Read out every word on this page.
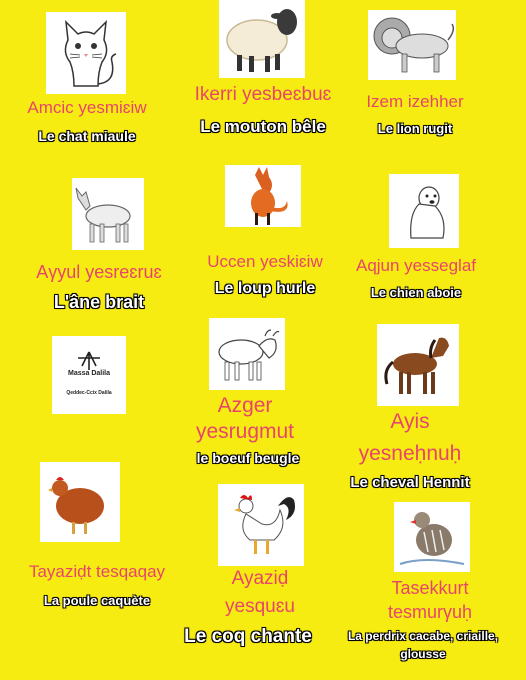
Amcic yesmiɛiw
Le chat miaule
Ikerri yesbeɛbuɛ
Le mouton bêle
Izem izehher
Le lion rugit
Aγyul yesreɛruɛ
L'âne brait
Uccen yeskiɛiw
Le loup hurle
Aqjun yesseglaf
Le chien aboie
Massa Dalila
Qeddec-Ccix Dalila
Azger
yesrugmut
le boeuf beugle
Ayis
yesneḥnuḥ
Le cheval Hennit
Tayaziḍt tesqaqay
La poule caquète
Ayaziḍ
yesquɛu
Le coq chante
Tasekkurt
tesmurγuḥ
La perdrix cacabe, criaille,
glousse
